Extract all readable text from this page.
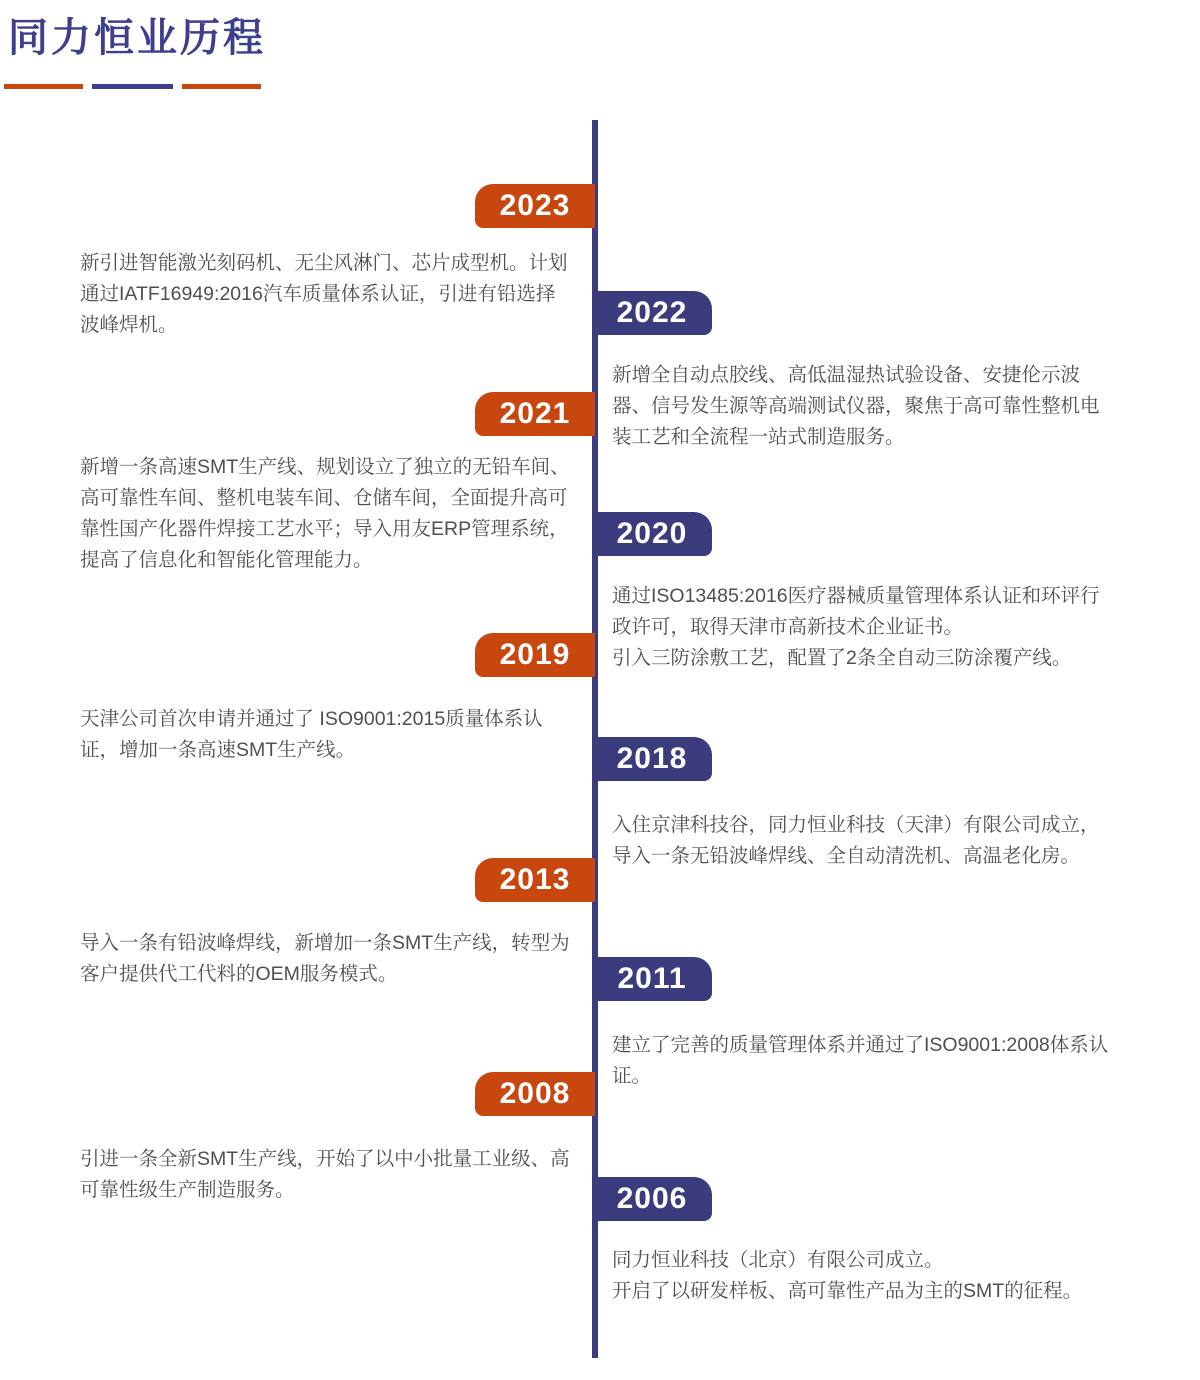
同力恒业历程
2023

新引进智能激光刻码机、无尘风淋门、芯片成型机。计划通过IATF16949:2016汽车质量体系认证，引进有铅选择波峰焊机。	2022

新增全自动点胶线、高低温湿热试验设备、安捷伦示波器、信号发生源等高端测试仪器，聚焦于高可靠性整机电装工艺和全流程一站式制造服务。

2021

新增一条高速SMT生产线、规划设立了独立的无铅车间、高可靠性车间、整机电装车间、仓储车间，全面提升高可靠性国产化器件焊接工艺水平；导入用友ERP管理系统，提高了信息化和智能化管理能力。

2020

通过ISO13485:2016医疗器械质量管理体系认证和环评行政许可，取得天津市高新技术企业证书。

引入三防涂敷工艺，配置了2条全自动三防涂覆产线。

2019

天津公司首次申请并通过了 ISO9001:2015质量体系认证，增加一条高速SMT生产线。	2018

入住京津科技谷，同力恒业科技（天津）有限公司成立，导入一条无铅波峰焊线、全自动清洗机、高温老化房。

2013

导入一条有铅波峰焊线，新增加一条SMT生产线，转型为客户提供代工代料的OEM服务模式。	2011

建立了完善的质量管理体系并通过了ISO9001:2008体系认证。

2008

引进一条全新SMT生产线，开始了以中小批量工业级、高可靠性级生产制造服务。	2006

同力恒业科技（北京）有限公司成立。

开启了以研发样板、高可靠性产品为主的SMT的征程。
